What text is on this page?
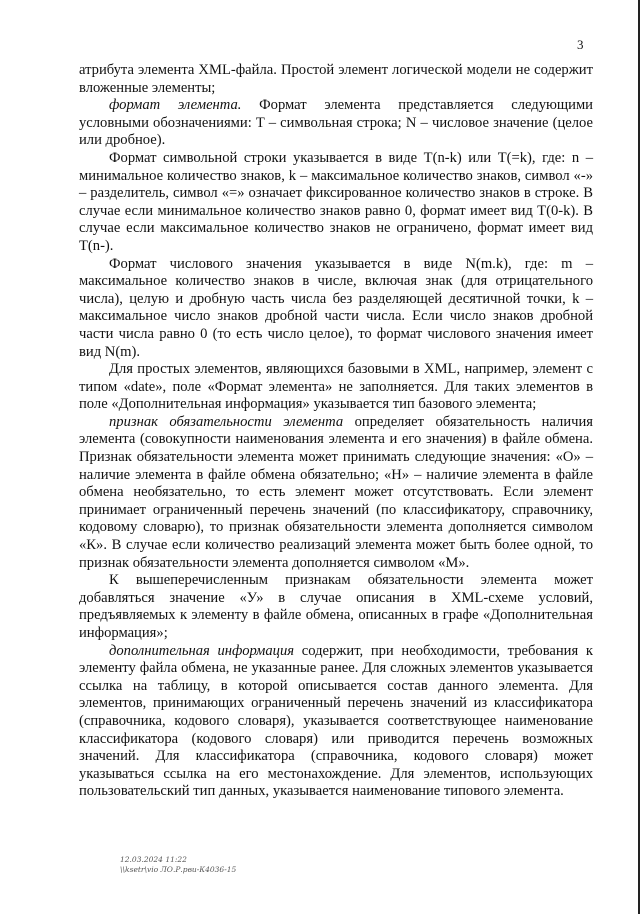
3

атрибута элемента XML-файла. Простой элемент логической модели не содержит вложенные элементы;

формат элемента. Формат элемента представляется следующими условными обозначениями: T – символьная строка; N – числовое значение (целое или дробное).

Формат символьной строки указывается в виде T(n-k) или T(=k), где: n – минимальное количество знаков, k – максимальное количество знаков, символ «-» – разделитель, символ «=» означает фиксированное количество знаков в строке. В случае если минимальное количество знаков равно 0, формат имеет вид T(0-k). В случае если максимальное количество знаков не ограничено, формат имеет вид T(n-).

Формат числового значения указывается в виде N(m.k), где: m – максимальное количество знаков в числе, включая знак (для отрицательного числа), целую и дробную часть числа без разделяющей десятичной точки, k – максимальное число знаков дробной части числа. Если число знаков дробной части числа равно 0 (то есть число целое), то формат числового значения имеет вид N(m).

Для простых элементов, являющихся базовыми в XML, например, элемент с типом «date», поле «Формат элемента» не заполняется. Для таких элементов в поле «Дополнительная информация» указывается тип базового элемента;

признак обязательности элемента определяет обязательность наличия элемента (совокупности наименования элемента и его значения) в файле обмена. Признак обязательности элемента может принимать следующие значения: «О» – наличие элемента в файле обмена обязательно; «Н» – наличие элемента в файле обмена необязательно, то есть элемент может отсутствовать. Если элемент принимает ограниченный перечень значений (по классификатору, справочнику, кодовому словарю), то признак обязательности элемента дополняется символом «К». В случае если количество реализаций элемента может быть более одной, то признак обязательности элемента дополняется символом «М».

К вышеперечисленным признакам обязательности элемента может добавляться значение «У» в случае описания в XML-схеме условий, предъявляемых к элементу в файле обмена, описанных в графе «Дополнительная информация»;

дополнительная информация содержит, при необходимости, требования к элементу файла обмена, не указанные ранее. Для сложных элементов указывается ссылка на таблицу, в которой описывается состав данного элемента. Для элементов, принимающих ограниченный перечень значений из классификатора (справочника, кодового словаря), указывается соответствующее наименование классификатора (кодового словаря) или приводится перечень возможных значений. Для классификатора (справочника, кодового словаря) может указываться ссылка на его местонахождение. Для элементов, использующих пользовательский тип данных, указывается наименование типового элемента.

12.03.2024 11:22
\\ksetr\vio ЛО.Р.рви-К4036-15
